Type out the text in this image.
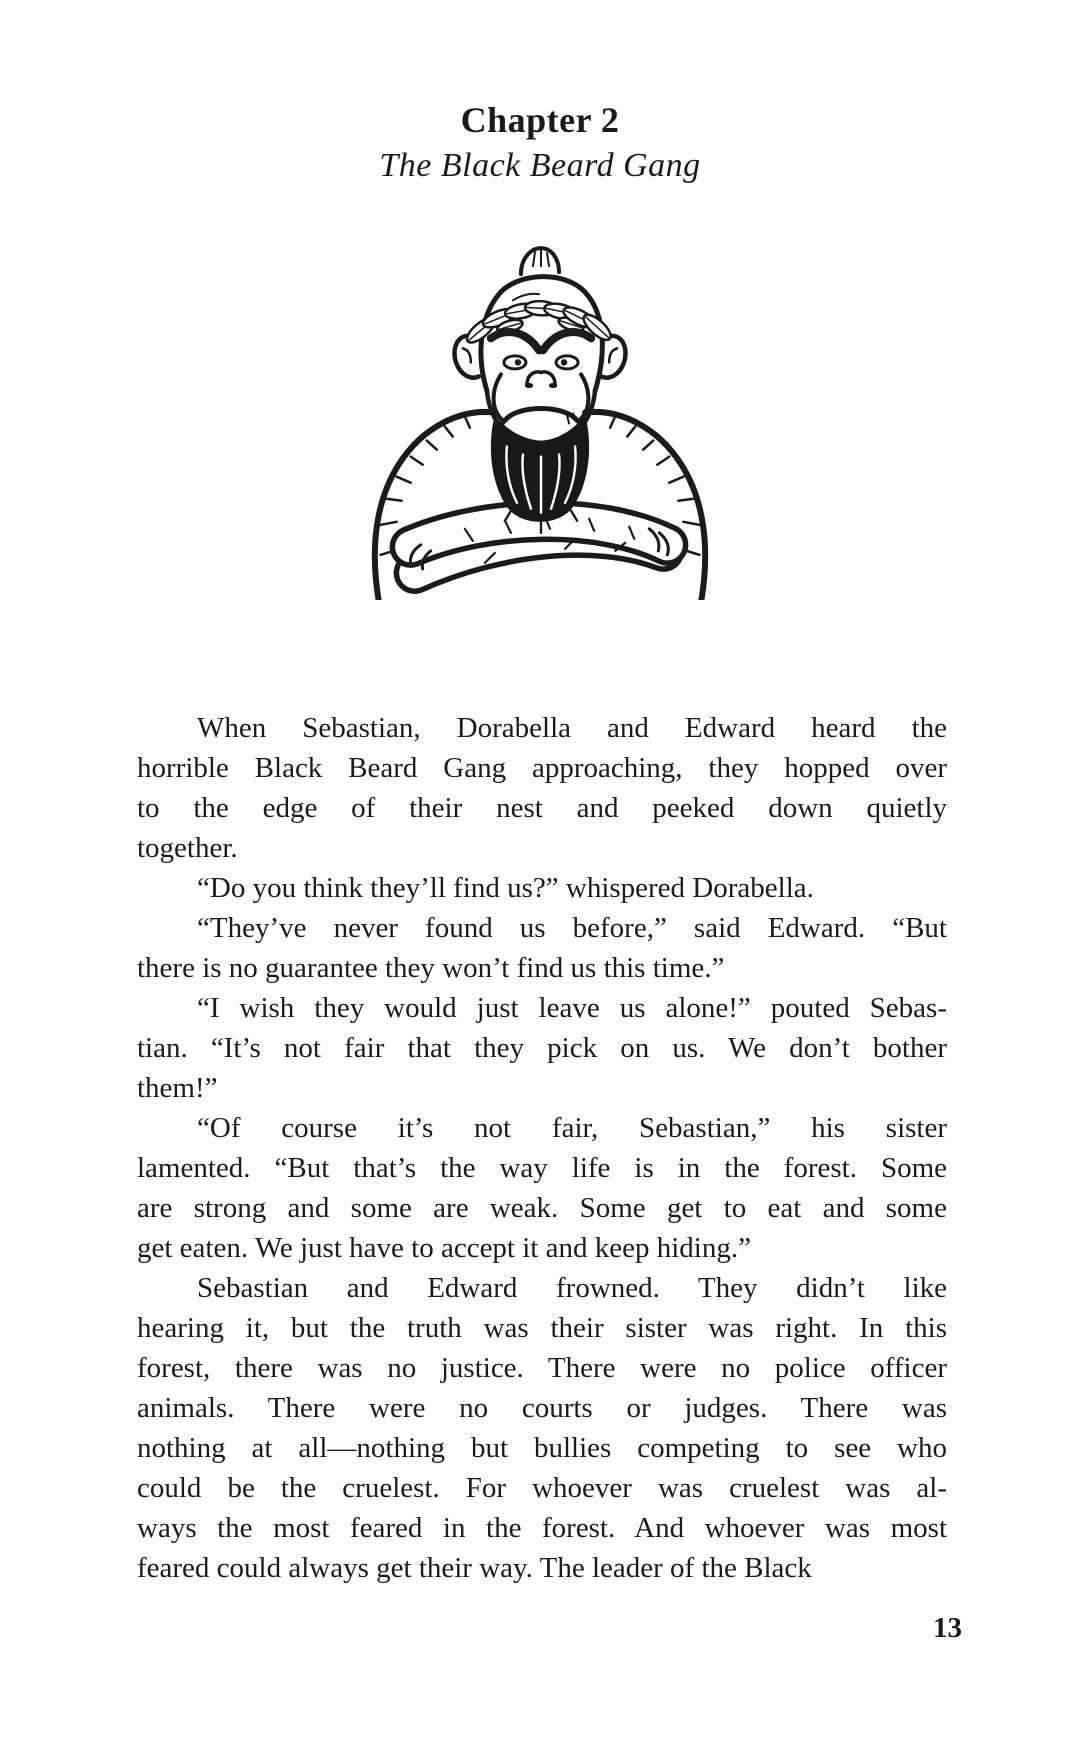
Chapter 2
The Black Beard Gang
When Sebastian, Dorabella and Edward heard the
horrible Black Beard Gang approaching, they hopped over
to the edge of their nest and peeked down quietly
together.
“Do you think they’ll find us?” whispered Dorabella.
“They’ve never found us before,” said Edward. “But
there is no guarantee they won’t find us this time.”
“I wish they would just leave us alone!” pouted Sebas-
tian. “It’s not fair that they pick on us. We don’t bother
them!”
“Of course it’s not fair, Sebastian,” his sister
lamented. “But that’s the way life is in the forest. Some
are strong and some are weak. Some get to eat and some
get eaten. We just have to accept it and keep hiding.”
Sebastian and Edward frowned. They didn’t like
hearing it, but the truth was their sister was right. In this
forest, there was no justice. There were no police officer
animals. There were no courts or judges. There was
nothing at all—nothing but bullies competing to see who
could be the cruelest. For whoever was cruelest was al-
ways the most feared in the forest. And whoever was most
feared could always get their way. The leader of the Black
13
